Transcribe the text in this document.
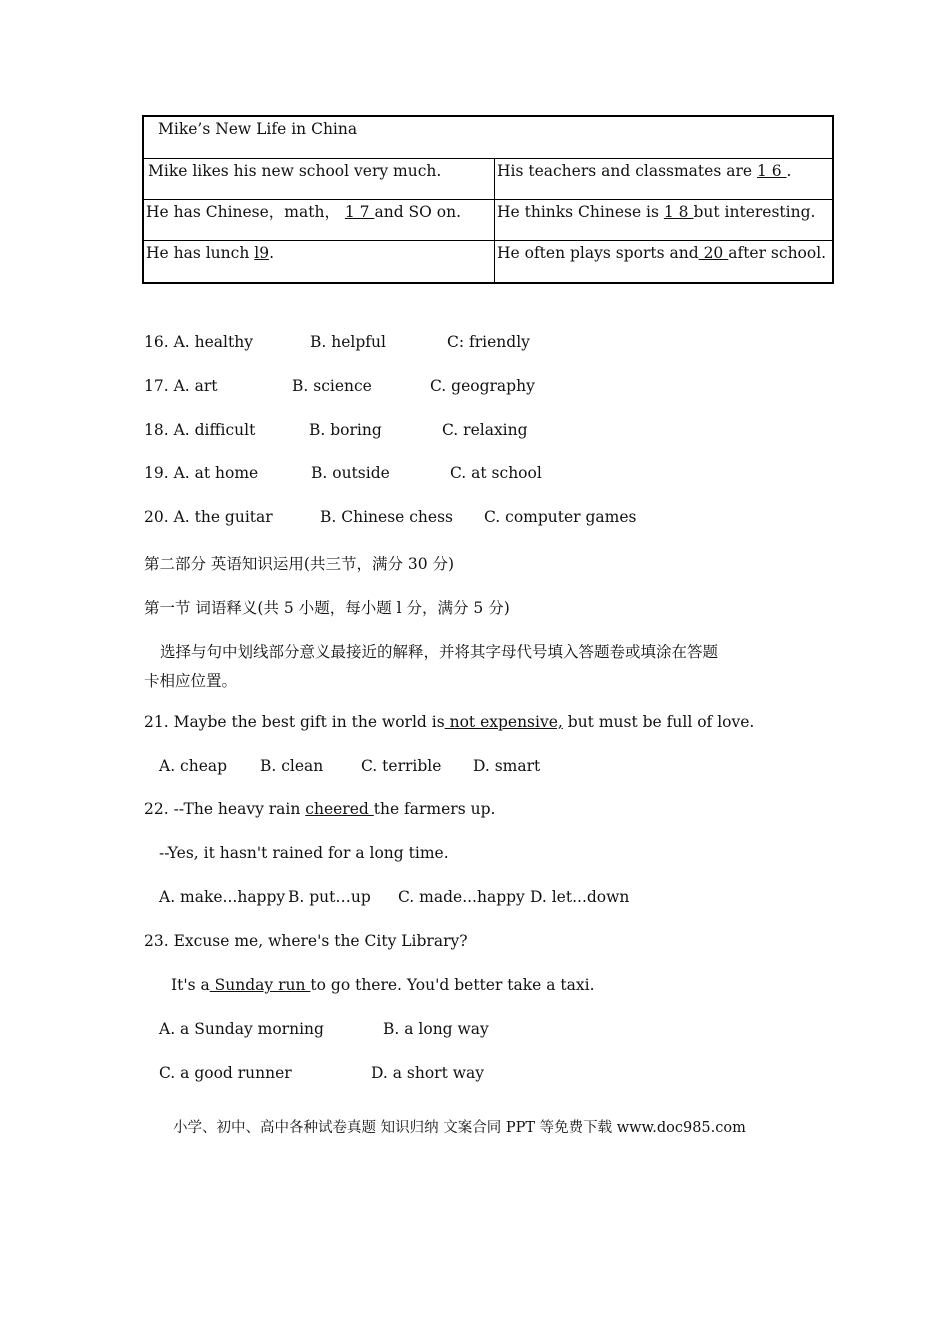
Mike’s New Life in China	
Mike likes his new school very much.	His teachers and classmates are 1 6 .
He has Chinese，math， 1 7 and SO on.	He thinks Chinese is 1 8 but interesting.
He has lunch l9.	He often plays sports and 20 after school.
16. A. healthy	B. helpful	C: friendly
17. A. art	B. science	C. geography
18. A. difficult	B. boring	C. relaxing
19. A. at home	B. outside	C. at school
20. A. the guitar	B. Chinese chess C. computer games
第二部分 英语知识运用(共三节，满分 30 分)
第一节 词语释义(共 5 小题，每小题 l 分，满分 5 分)
选择与句中划线部分意义最接近的解释，并将其字母代号填入答题卷或填涂在答题
卡相应位置。
21. Maybe the best gift in the world is not expensive, but must be full of love.
A. cheap B. clean C. terrible D. smart
22. --The heavy rain cheered the farmers up.
--Yes, it hasn't rained for a long time.
A. make...happy B. put…up C. made...happy D. let...down
23. Excuse me, where's the City Library?
It's a Sunday run to go there. You'd better take a taxi.
A. a Sunday morning	B. a long way
C. a good runner	D. a short way
小学、初中、高中各种试卷真题 知识归纳 文案合同 PPT 等免费下载 www.doc985.com
